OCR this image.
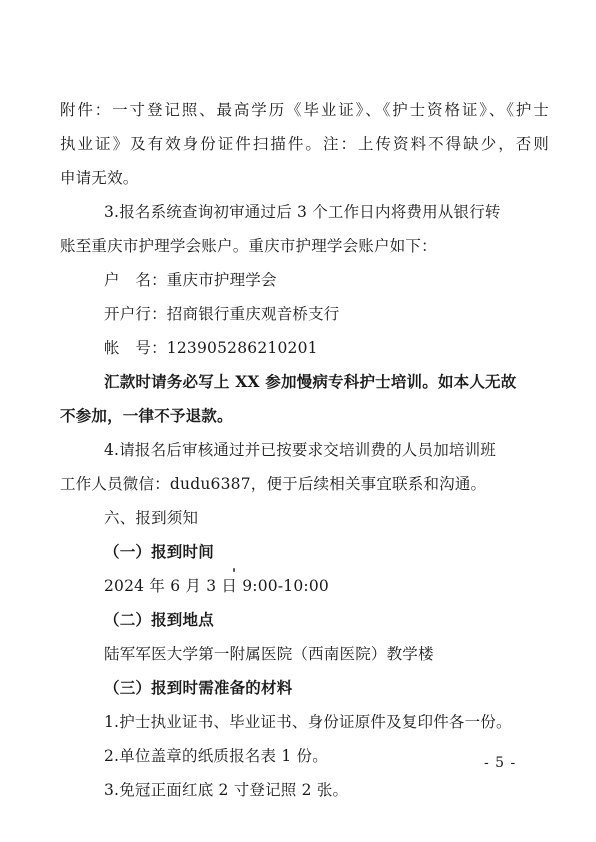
附件：一寸登记照、最高学历《毕业证》、《护士资格证》、《护士
执业证》及有效身份证件扫描件。注：上传资料不得缺少，否则
申请无效。
3.报名系统查询初审通过后 3 个工作日内将费用从银行转
账至重庆市护理学会账户。重庆市护理学会账户如下：
户　名：重庆市护理学会
开户行：招商银行重庆观音桥支行
帐　号：123905286210201
汇款时请务必写上 XX 参加慢病专科护士培训。如本人无故
不参加，一律不予退款。
4.请报名后审核通过并已按要求交培训费的人员加培训班
工作人员微信：dudu6387，便于后续相关事宜联系和沟通。
六、报到须知
（一）报到时间
2024 年 6 月 3 日 9:00-10:00
（二）报到地点
陆军军医大学第一附属医院（西南医院）教学楼
（三）报到时需准备的材料
1.护士执业证书、毕业证书、身份证原件及复印件各一份。
2.单位盖章的纸质报名表 1 份。
3.免冠正面红底 2 寸登记照 2 张。
- 5 -
